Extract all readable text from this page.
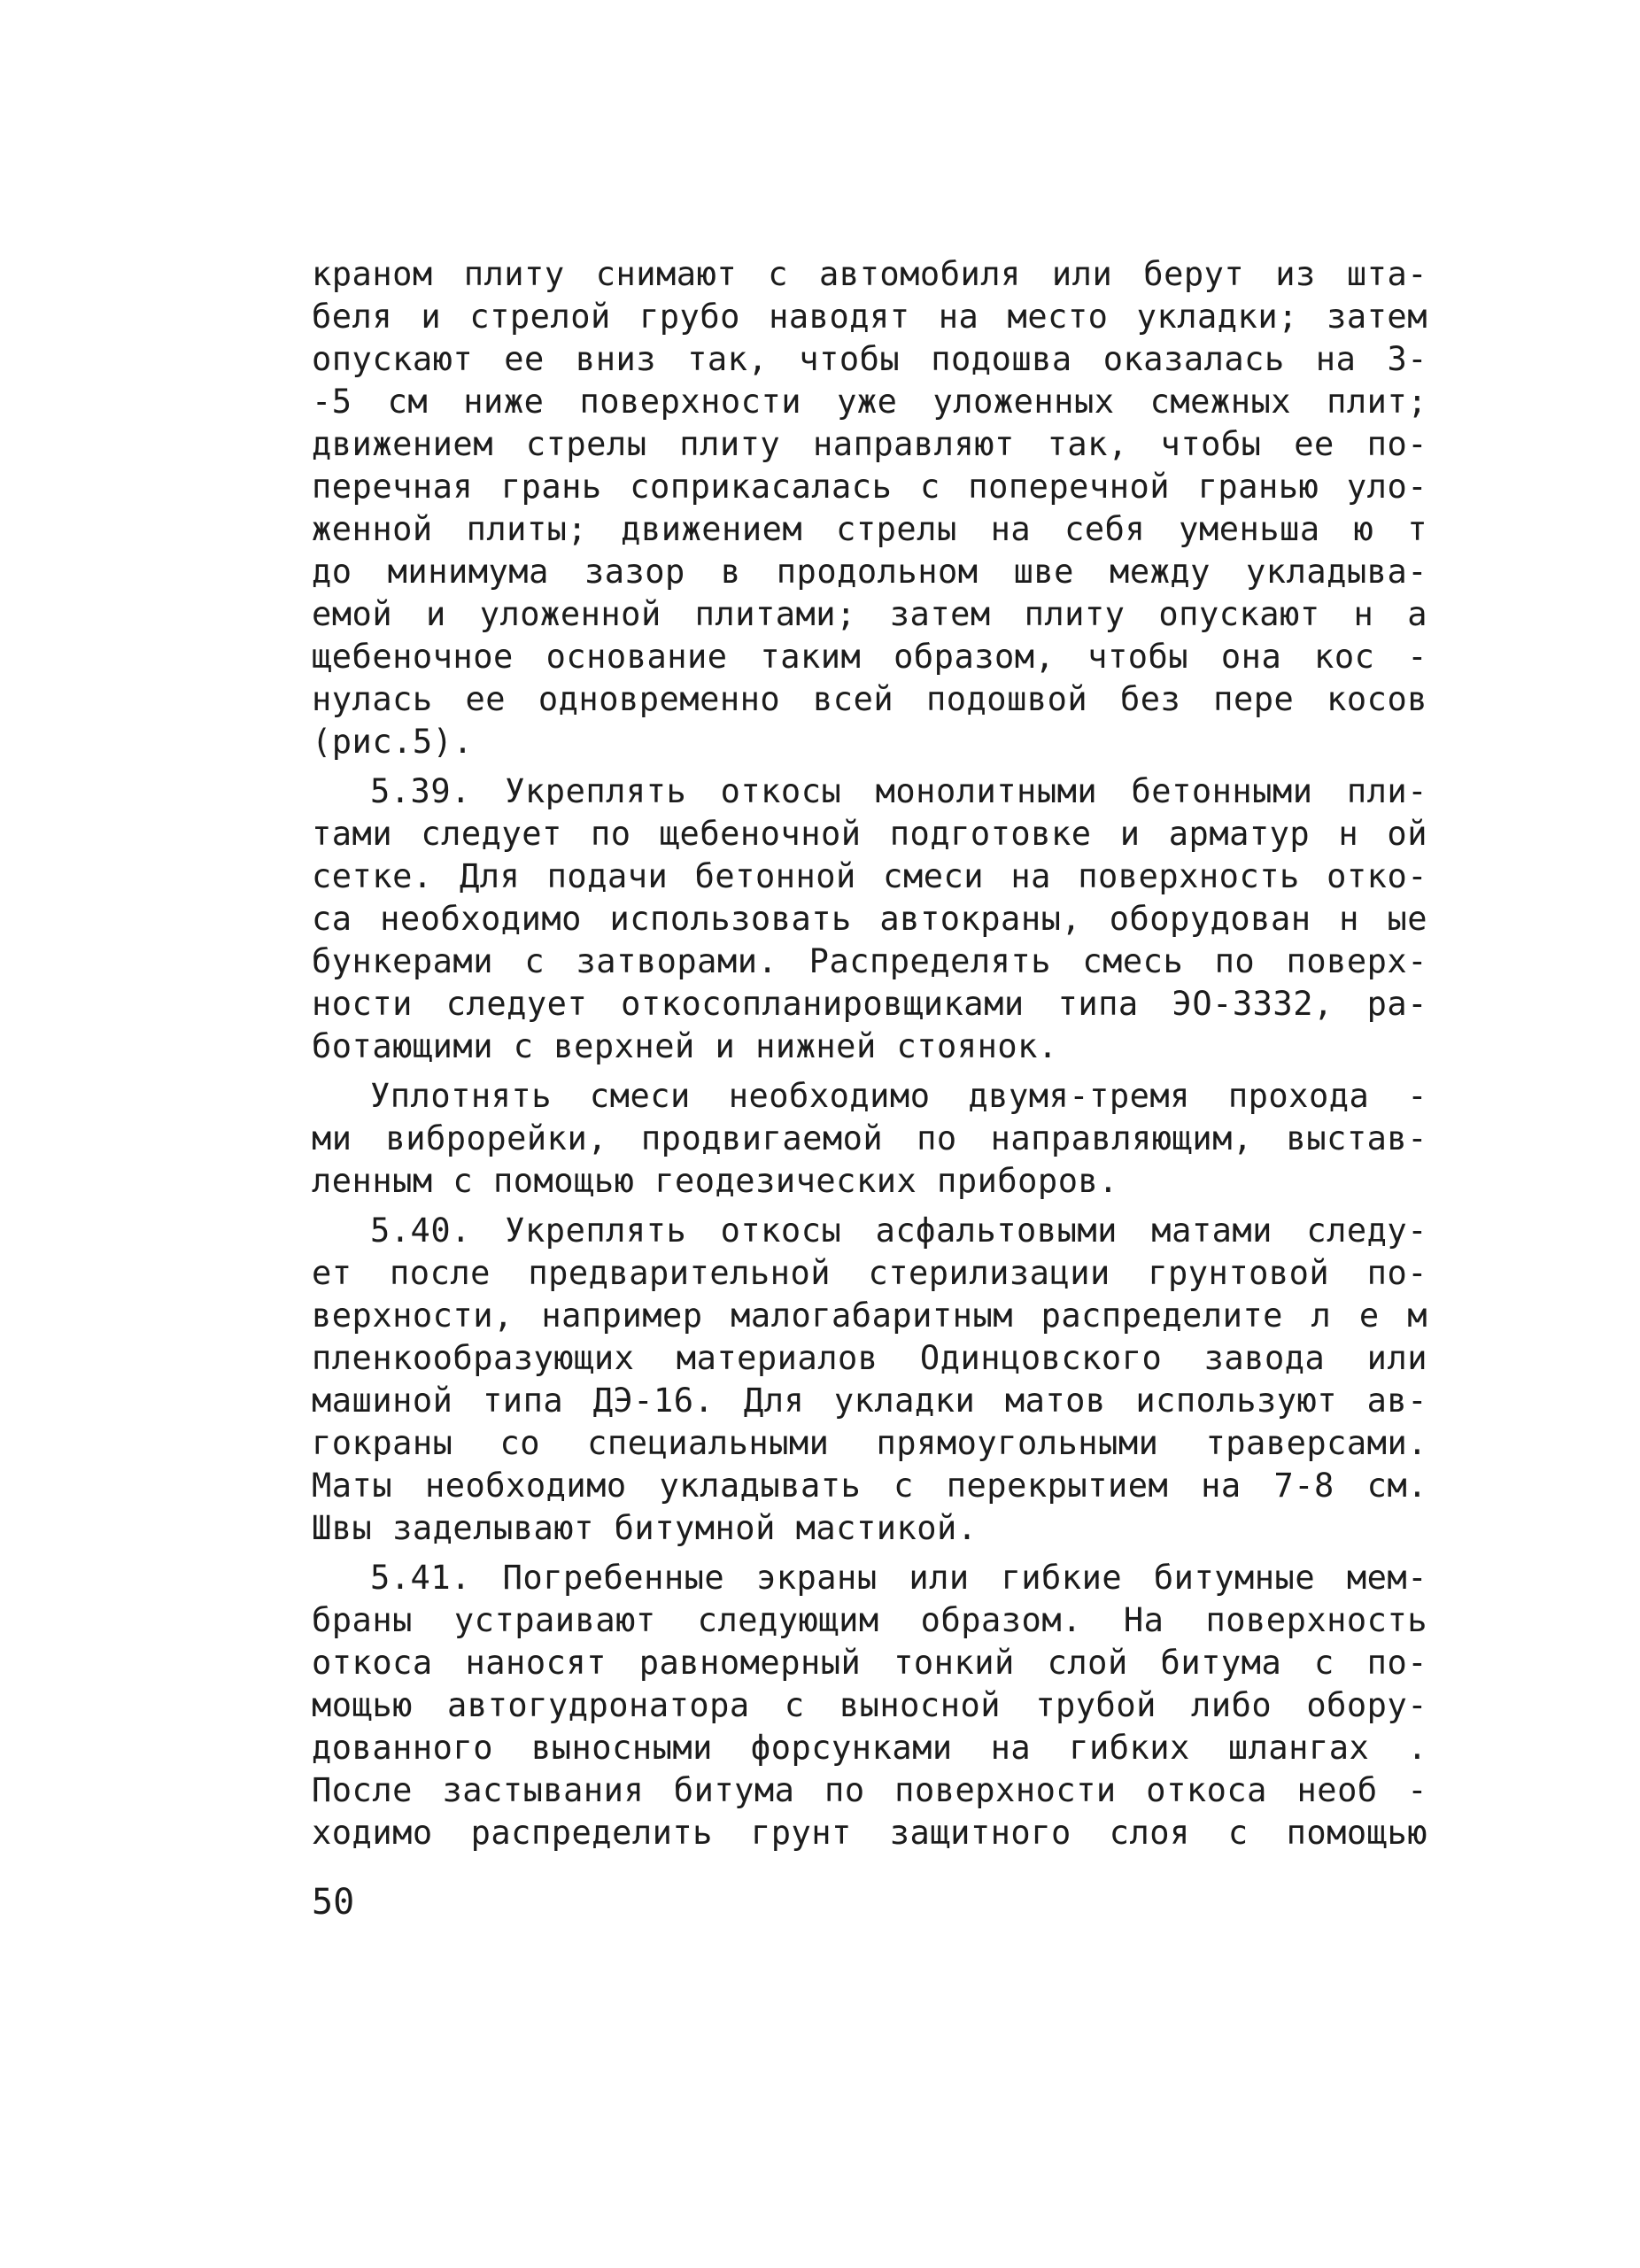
краном плиту снимают с автомобиля или берут из шта-
беля и стрелой грубо наводят на место укладки; затем
опускают ее вниз так, чтобы подошва оказалась на 3-
-5 см ниже поверхности уже уложенных смежных плит;
движением стрелы плиту направляют так, чтобы ее по-
перечная грань соприкасалась с поперечной гранью уло-
женной плиты; движением стрелы на себя уменьша ю т
до минимума зазор в продольном шве между укладыва-
емой и уложенной плитами; затем плиту опускают н а
щебеночное основание таким образом, чтобы она кос -
нулась ее одновременно всей подошвой без пере косов
(рис.5).
5.39. Укреплять откосы монолитными бетонными пли-
тами следует по щебеночной подготовке и арматур н ой
сетке. Для подачи бетонной смеси на поверхность отко-
са необходимо использовать автокраны, оборудован н ые
бункерами с затворами. Распределять смесь по поверх-
ности следует откосопланировщиками типа ЭО-3332, ра-
ботающими с верхней и нижней стоянок.
Уплотнять смеси необходимо двумя-тремя прохода -
ми виброрейки, продвигаемой по направляющим, выстав-
ленным с помощью геодезических приборов.
5.40. Укреплять откосы асфальтовыми матами следу-
ет после предварительной стерилизации грунтовой по-
верхности, например малогабаритным распределите л е м
пленкообразующих материалов Одинцовского завода или
машиной типа ДЭ-16. Для укладки матов используют ав-
гокраны со специальными прямоугольными траверсами.
Маты необходимо укладывать с перекрытием на 7-8 см.
Швы заделывают битумной мастикой.
5.41. Погребенные экраны или гибкие битумные мем-
браны устраивают следующим образом. На поверхность
откоса наносят равномерный тонкий слой битума с по-
мощью автогудронатора с выносной трубой либо обору-
дованного выносными форсунками на гибких шлангах .
После застывания битума по поверхности откоса необ -
ходимо распределить грунт защитного слоя с помощью
50
